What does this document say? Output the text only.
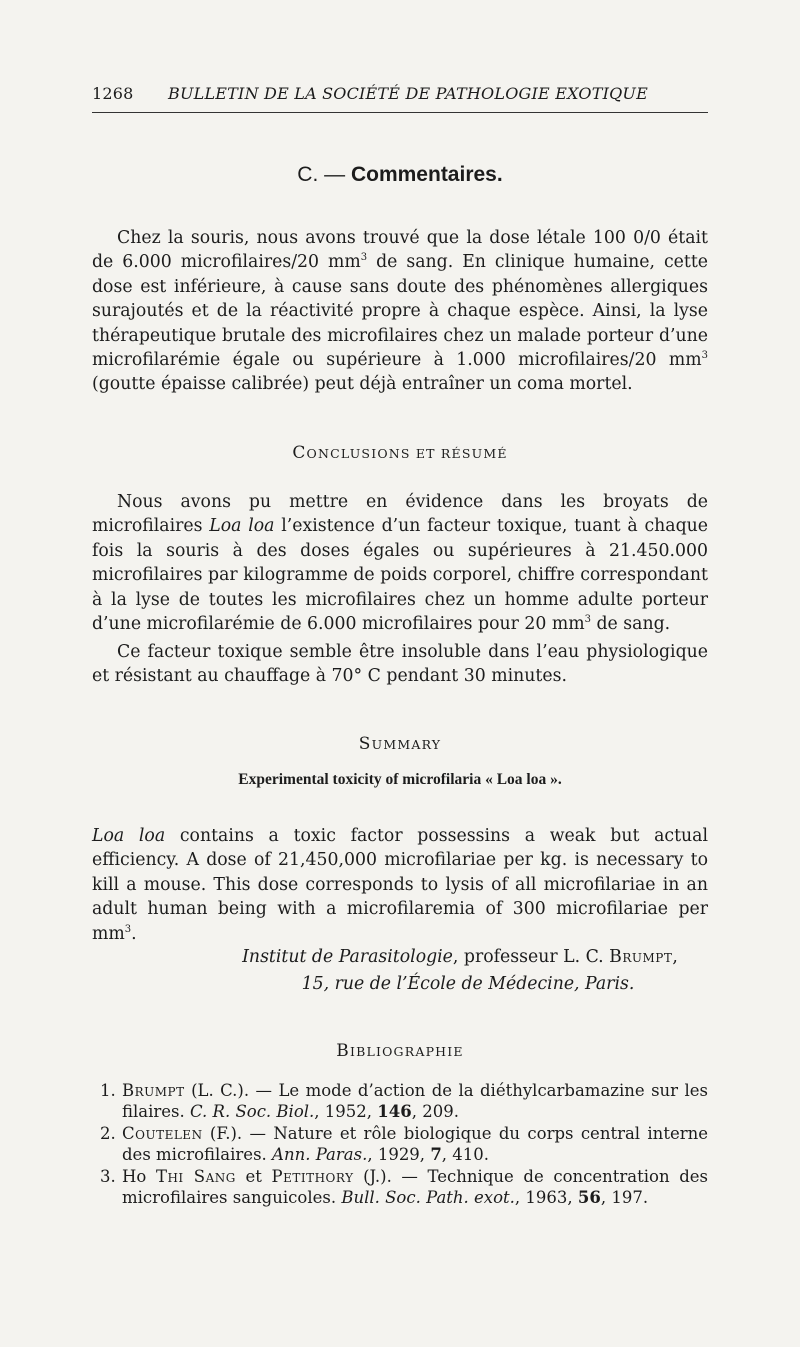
1268 BULLETIN DE LA SOCIÉTÉ DE PATHOLOGIE EXOTIQUE
C. — Commentaires.
Chez la souris, nous avons trouvé que la dose létale 100 0/0 était de 6.000 microfilaires/20 $mm^3$ de sang. En clinique humaine, cette dose est inférieure, à cause sans doute des phénomènes allergiques surajoutés et de la réactivité propre à chaque espèce. Ainsi, la lyse thérapeutique brutale des microfilaires chez un malade porteur d’une microfilarémie égale ou supérieure à 1.000 microfilaires/20 $mm^3$ (goutte épaisse calibrée) peut déjà entraîner un coma mortel.
CONCLUSIONS ET RÉSUMÉ
Nous avons pu mettre en évidence dans les broyats de microfilaires Loa loa l’existence d’un facteur toxique, tuant à chaque fois la souris à des doses égales ou supérieures à 21.450.000 microfilaires par kilogramme de poids corporel, chiffre correspondant à la lyse de toutes les microfilaires chez un homme adulte porteur d’une microfilarémie de 6.000 microfilaires pour 20 $mm^3$ de sang.
Ce facteur toxique semble être insoluble dans l’eau physiologique et résistant au chauffage à 70° C pendant 30 minutes.
SUMMARY
Experimental toxicity of microfilaria « Loa loa ».
Loa loa contains a toxic factor possessins a weak but actual efficiency. A dose of 21,450,000 microfilariae per kg. is necessary to kill a mouse. This dose corresponds to lysis of all microfilariae in an adult human being with a microfilaremia of 300 microfilariae per $mm^3$.
Institut de Parasitologie, professeur L. C. Brumpt,
15, rue de l’École de Médecine, Paris.
BIBLIOGRAPHIE
1. Brumpt (L. C.). — Le mode d’action de la diéthylcarbamazine sur les filaires. C. R. Soc. Biol., 1952, 146, 209.
2. Coutelen (F.). — Nature et rôle biologique du corps central interne des microfilaires. Ann. Paras., 1929, 7, 410.
3. Ho Thi Sang et Petithory (J.). — Technique de concentration des microfilaires sanguicoles. Bull. Soc. Path. exot., 1963, 56, 197.
